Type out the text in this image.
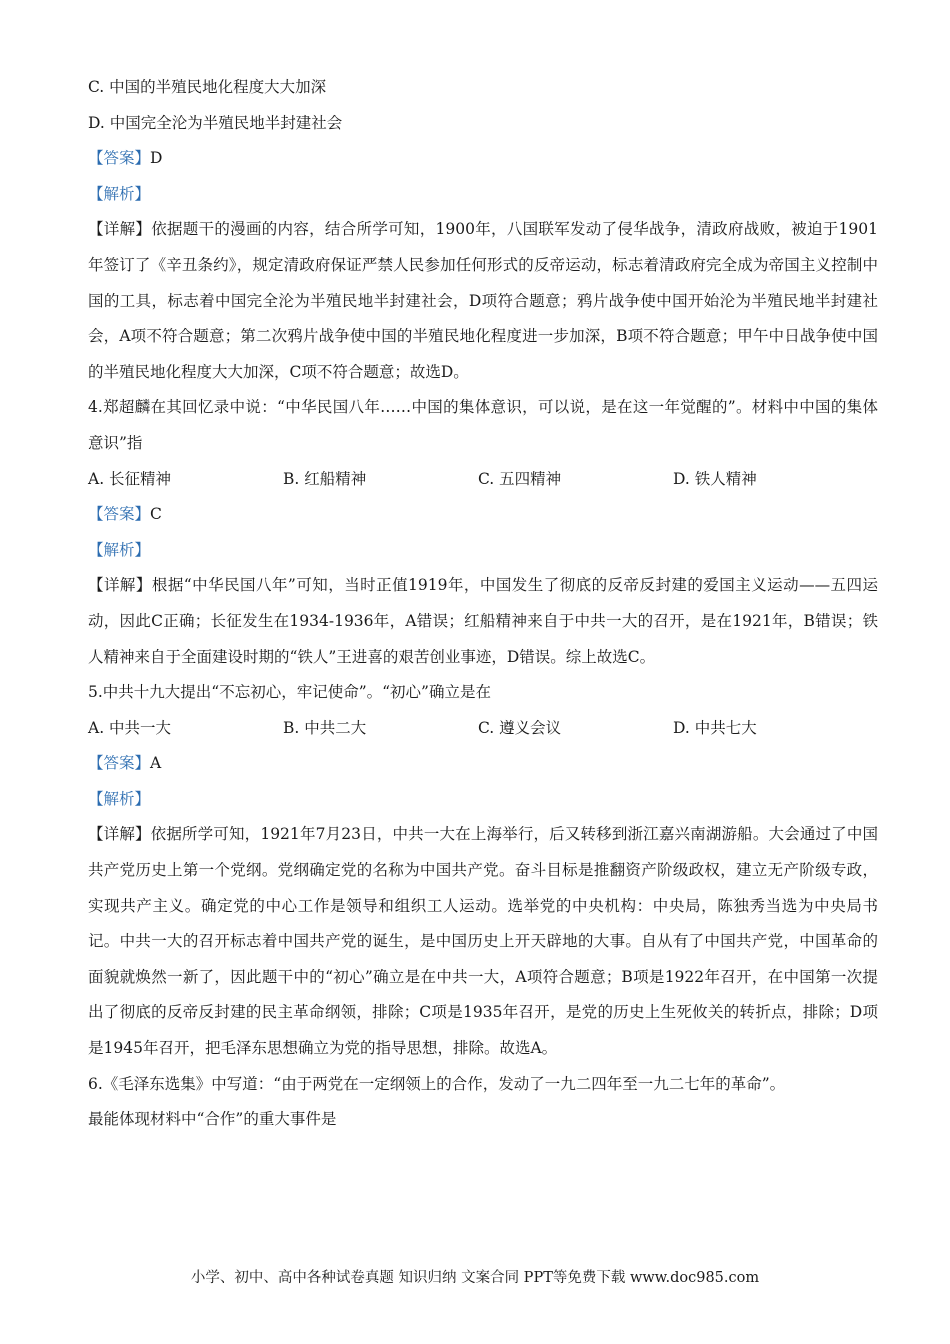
C. 中国的半殖民地化程度大大加深
D. 中国完全沦为半殖民地半封建社会
【答案】D
【解析】
【详解】依据题干的漫画的内容，结合所学可知，1900年，八国联军发动了侵华战争，清政府战败，被迫于1901年签订了《辛丑条约》，规定清政府保证严禁人民参加任何形式的反帝运动，标志着清政府完全成为帝国主义控制中国的工具，标志着中国完全沦为半殖民地半封建社会，D项符合题意；鸦片战争使中国开始沦为半殖民地半封建社会，A项不符合题意；第二次鸦片战争使中国的半殖民地化程度进一步加深，B项不符合题意；甲午中日战争使中国的半殖民地化程度大大加深，C项不符合题意；故选D。
4.郑超麟在其回忆录中说：“中华民国八年……中国的集体意识，可以说，是在这一年觉醒的”。材料中中国的集体意识”指
A. 长征精神	B. 红船精神	C. 五四精神	D. 铁人精神
【答案】C
【解析】
【详解】根据“中华民国八年”可知，当时正值1919年，中国发生了彻底的反帝反封建的爱国主义运动——五四运动，因此C正确；长征发生在1934-1936年，A错误；红船精神来自于中共一大的召开，是在1921年，B错误；铁人精神来自于全面建设时期的“铁人”王进喜的艰苦创业事迹，D错误。综上故选C。
5.中共十九大提出“不忘初心，牢记使命”。“初心”确立是在
A. 中共一大	B. 中共二大	C. 遵义会议	D. 中共七大
【答案】A
【解析】
【详解】依据所学可知，1921年7月23日，中共一大在上海举行，后又转移到浙江嘉兴南湖游船。大会通过了中国共产党历史上第一个党纲。党纲确定党的名称为中国共产党。奋斗目标是推翻资产阶级政权，建立无产阶级专政，实现共产主义。确定党的中心工作是领导和组织工人运动。选举党的中央机构：中央局，陈独秀当选为中央局书记。中共一大的召开标志着中国共产党的诞生，是中国历史上开天辟地的大事。自从有了中国共产党，中国革命的面貌就焕然一新了，因此题干中的“初心”确立是在中共一大，A项符合题意；B项是1922年召开，在中国第一次提出了彻底的反帝反封建的民主革命纲领，排除；C项是1935年召开，是党的历史上生死攸关的转折点，排除；D项是1945年召开，把毛泽东思想确立为党的指导思想，排除。故选A。
6.《毛泽东选集》中写道：“由于两党在一定纲领上的合作，发动了一九二四年至一九二七年的革命”。
最能体现材料中“合作”的重大事件是
小学、初中、高中各种试卷真题 知识归纳 文案合同 PPT等免费下载 www.doc985.com
